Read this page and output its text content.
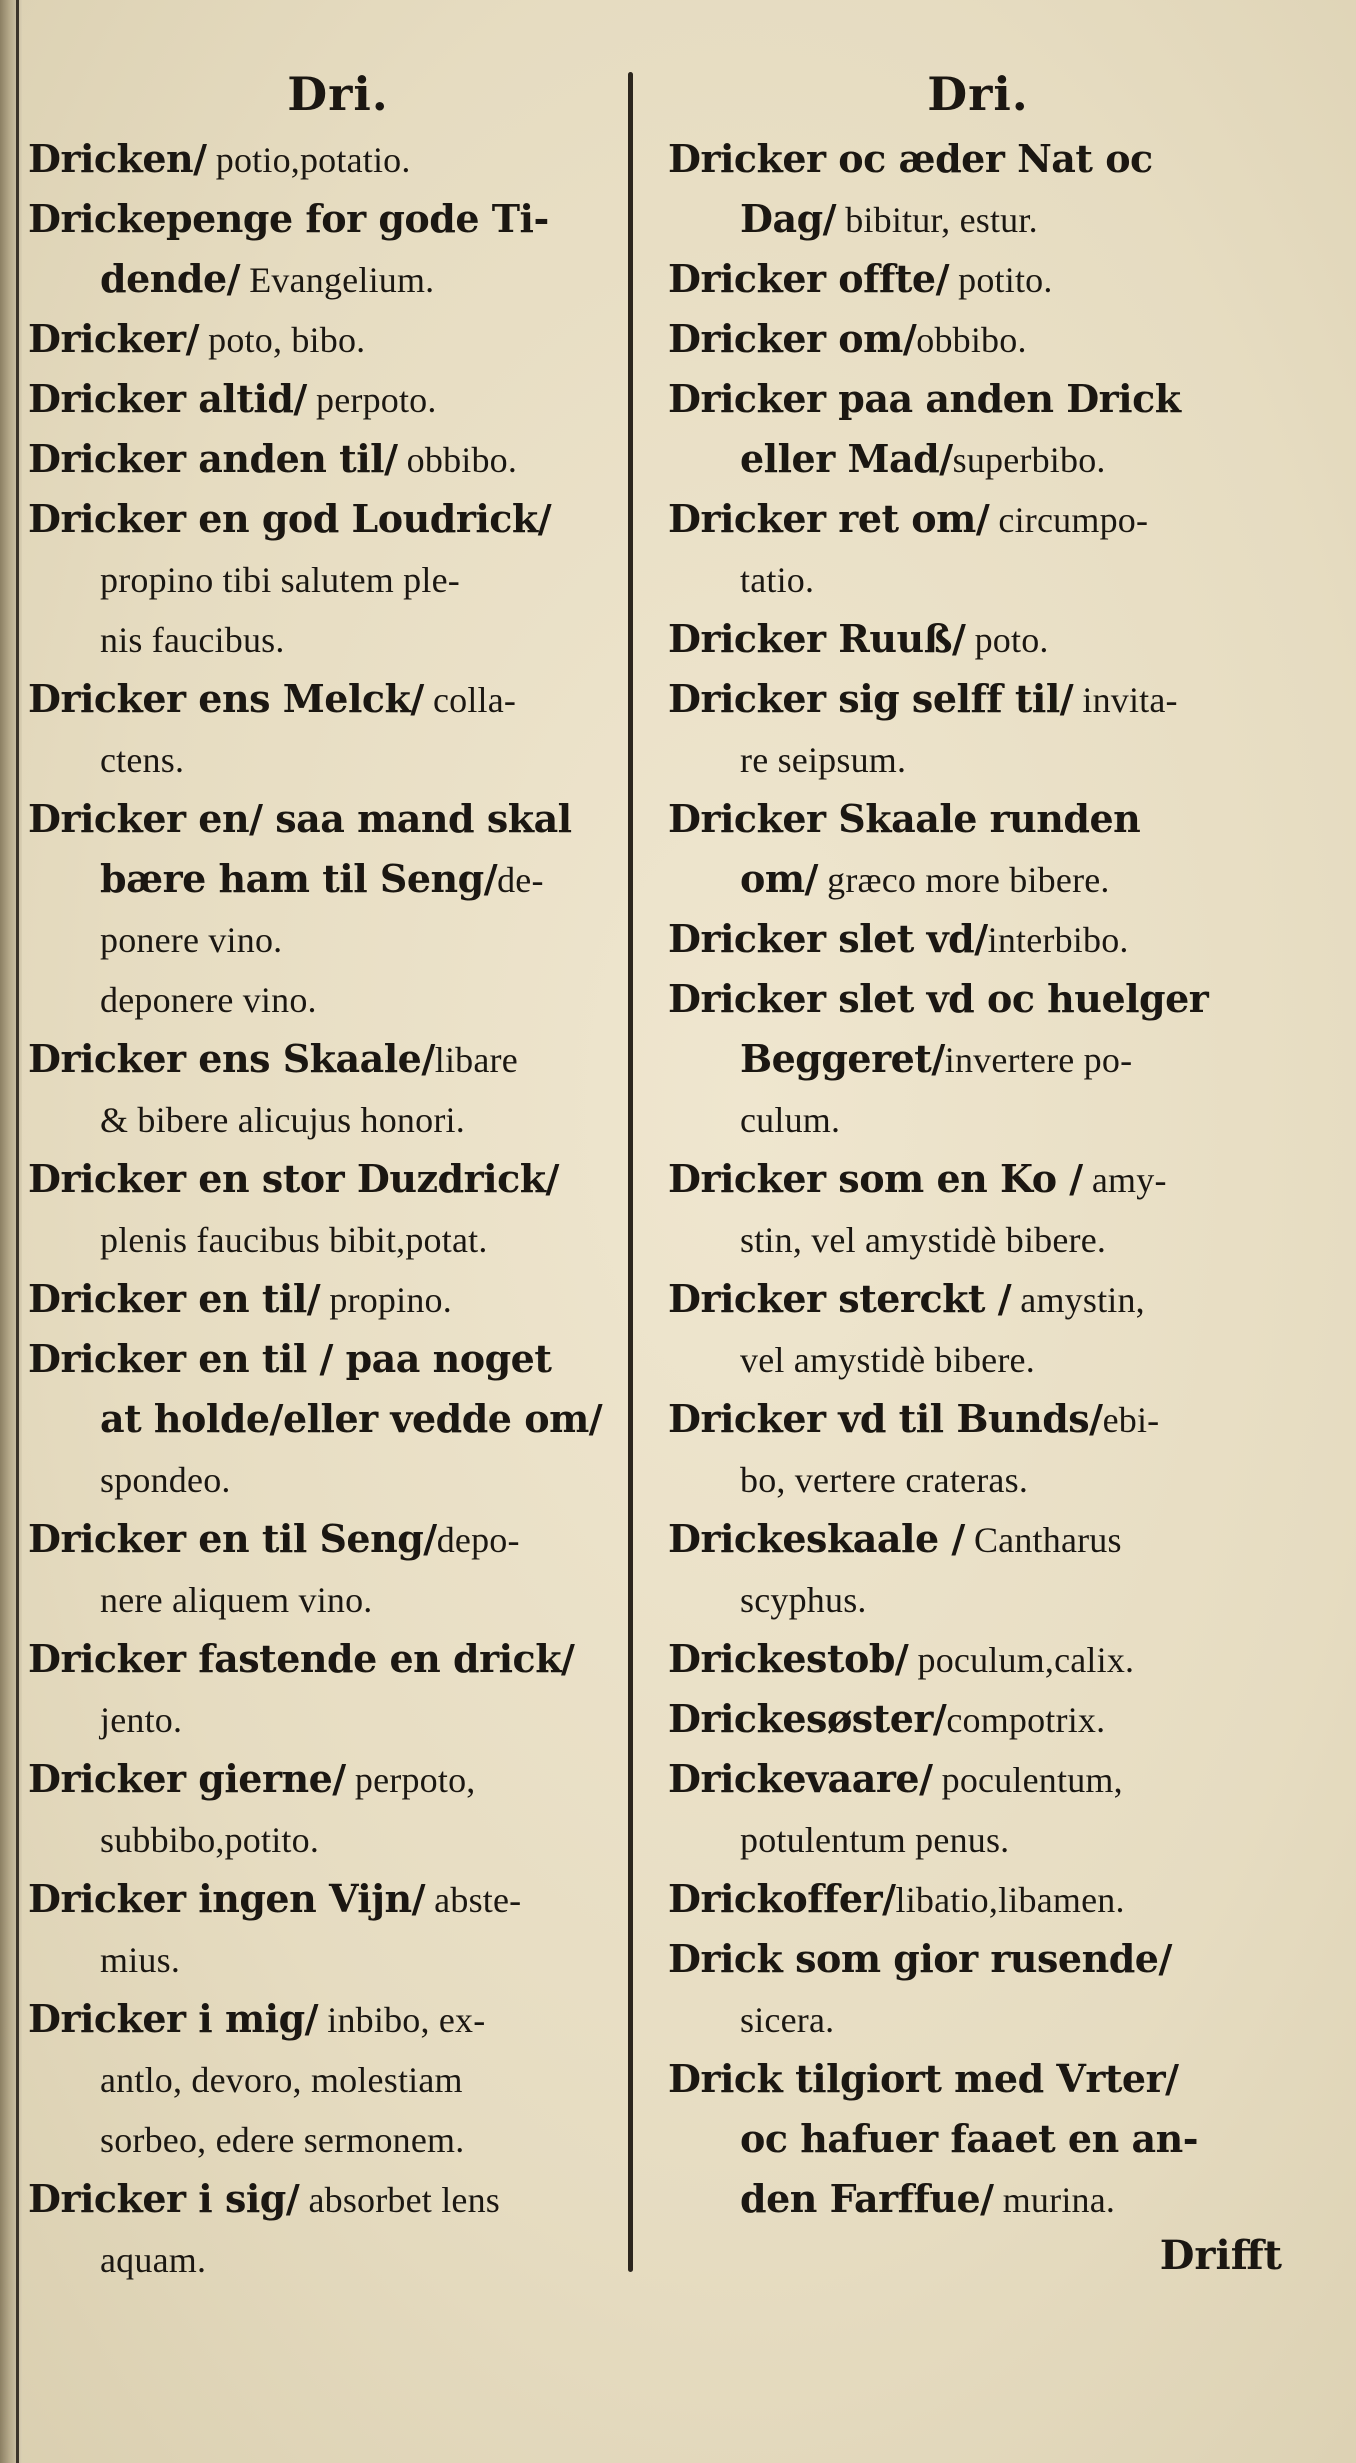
Dri.
Dricken/ potio,potatio.
Drickepenge for gode Ti-
dende/ Evangelium.
Dricker/ poto, bibo.
Dricker altid/ perpoto.
Dricker anden til/ obbibo.
Dricker en god Loudrick/
propino tibi salutem ple-
nis faucibus.
Dricker ens Melck/ colla-
ctens.
Dricker en/ saa mand skal
bære ham til Seng/de-
ponere vino.
deponere vino.
Dricker ens Skaale/libare
& bibere alicujus honori.
Dricker en stor Duzdrick/
plenis faucibus bibit,potat.
Dricker en til/ propino.
Dricker en til / paa noget
at holde/eller vedde om/
spondeo.
Dricker en til Seng/depo-
nere aliquem vino.
Dricker fastende en drick/
jento.
Dricker gierne/ perpoto,
subbibo,potito.
Dricker ingen Vijn/ abste-
mius.
Dricker i mig/ inbibo, ex-
antlo, devoro, molestiam
sorbeo, edere sermonem.
Dricker i sig/ absorbet lens
aquam.
Dri.
Dricker oc æder Nat oc
Dag/ bibitur, estur.
Dricker offte/ potito.
Dricker om/obbibo.
Dricker paa anden Drick
eller Mad/superbibo.
Dricker ret om/ circumpo-
tatio.
Dricker Ruuß/ poto.
Dricker sig selff til/ invita-
re seipsum.
Dricker Skaale runden
om/ græco more bibere.
Dricker slet vd/interbibo.
Dricker slet vd oc huelger
Beggeret/invertere po-
culum.
Dricker som en Ko / amy-
stin, vel amystidè bibere.
Dricker sterckt / amystin,
vel amystidè bibere.
Dricker vd til Bunds/ebi-
bo, vertere crateras.
Drickeskaale / Cantharus
scyphus.
Drickestob/ poculum,calix.
Drickesøster/compotrix.
Drickevaare/ poculentum,
potulentum penus.
Drickoffer/libatio,libamen.
Drick som gior rusende/
sicera.
Drick tilgiort med Vrter/
oc hafuer faaet en an-
den Farffue/ murina.
Drifft
